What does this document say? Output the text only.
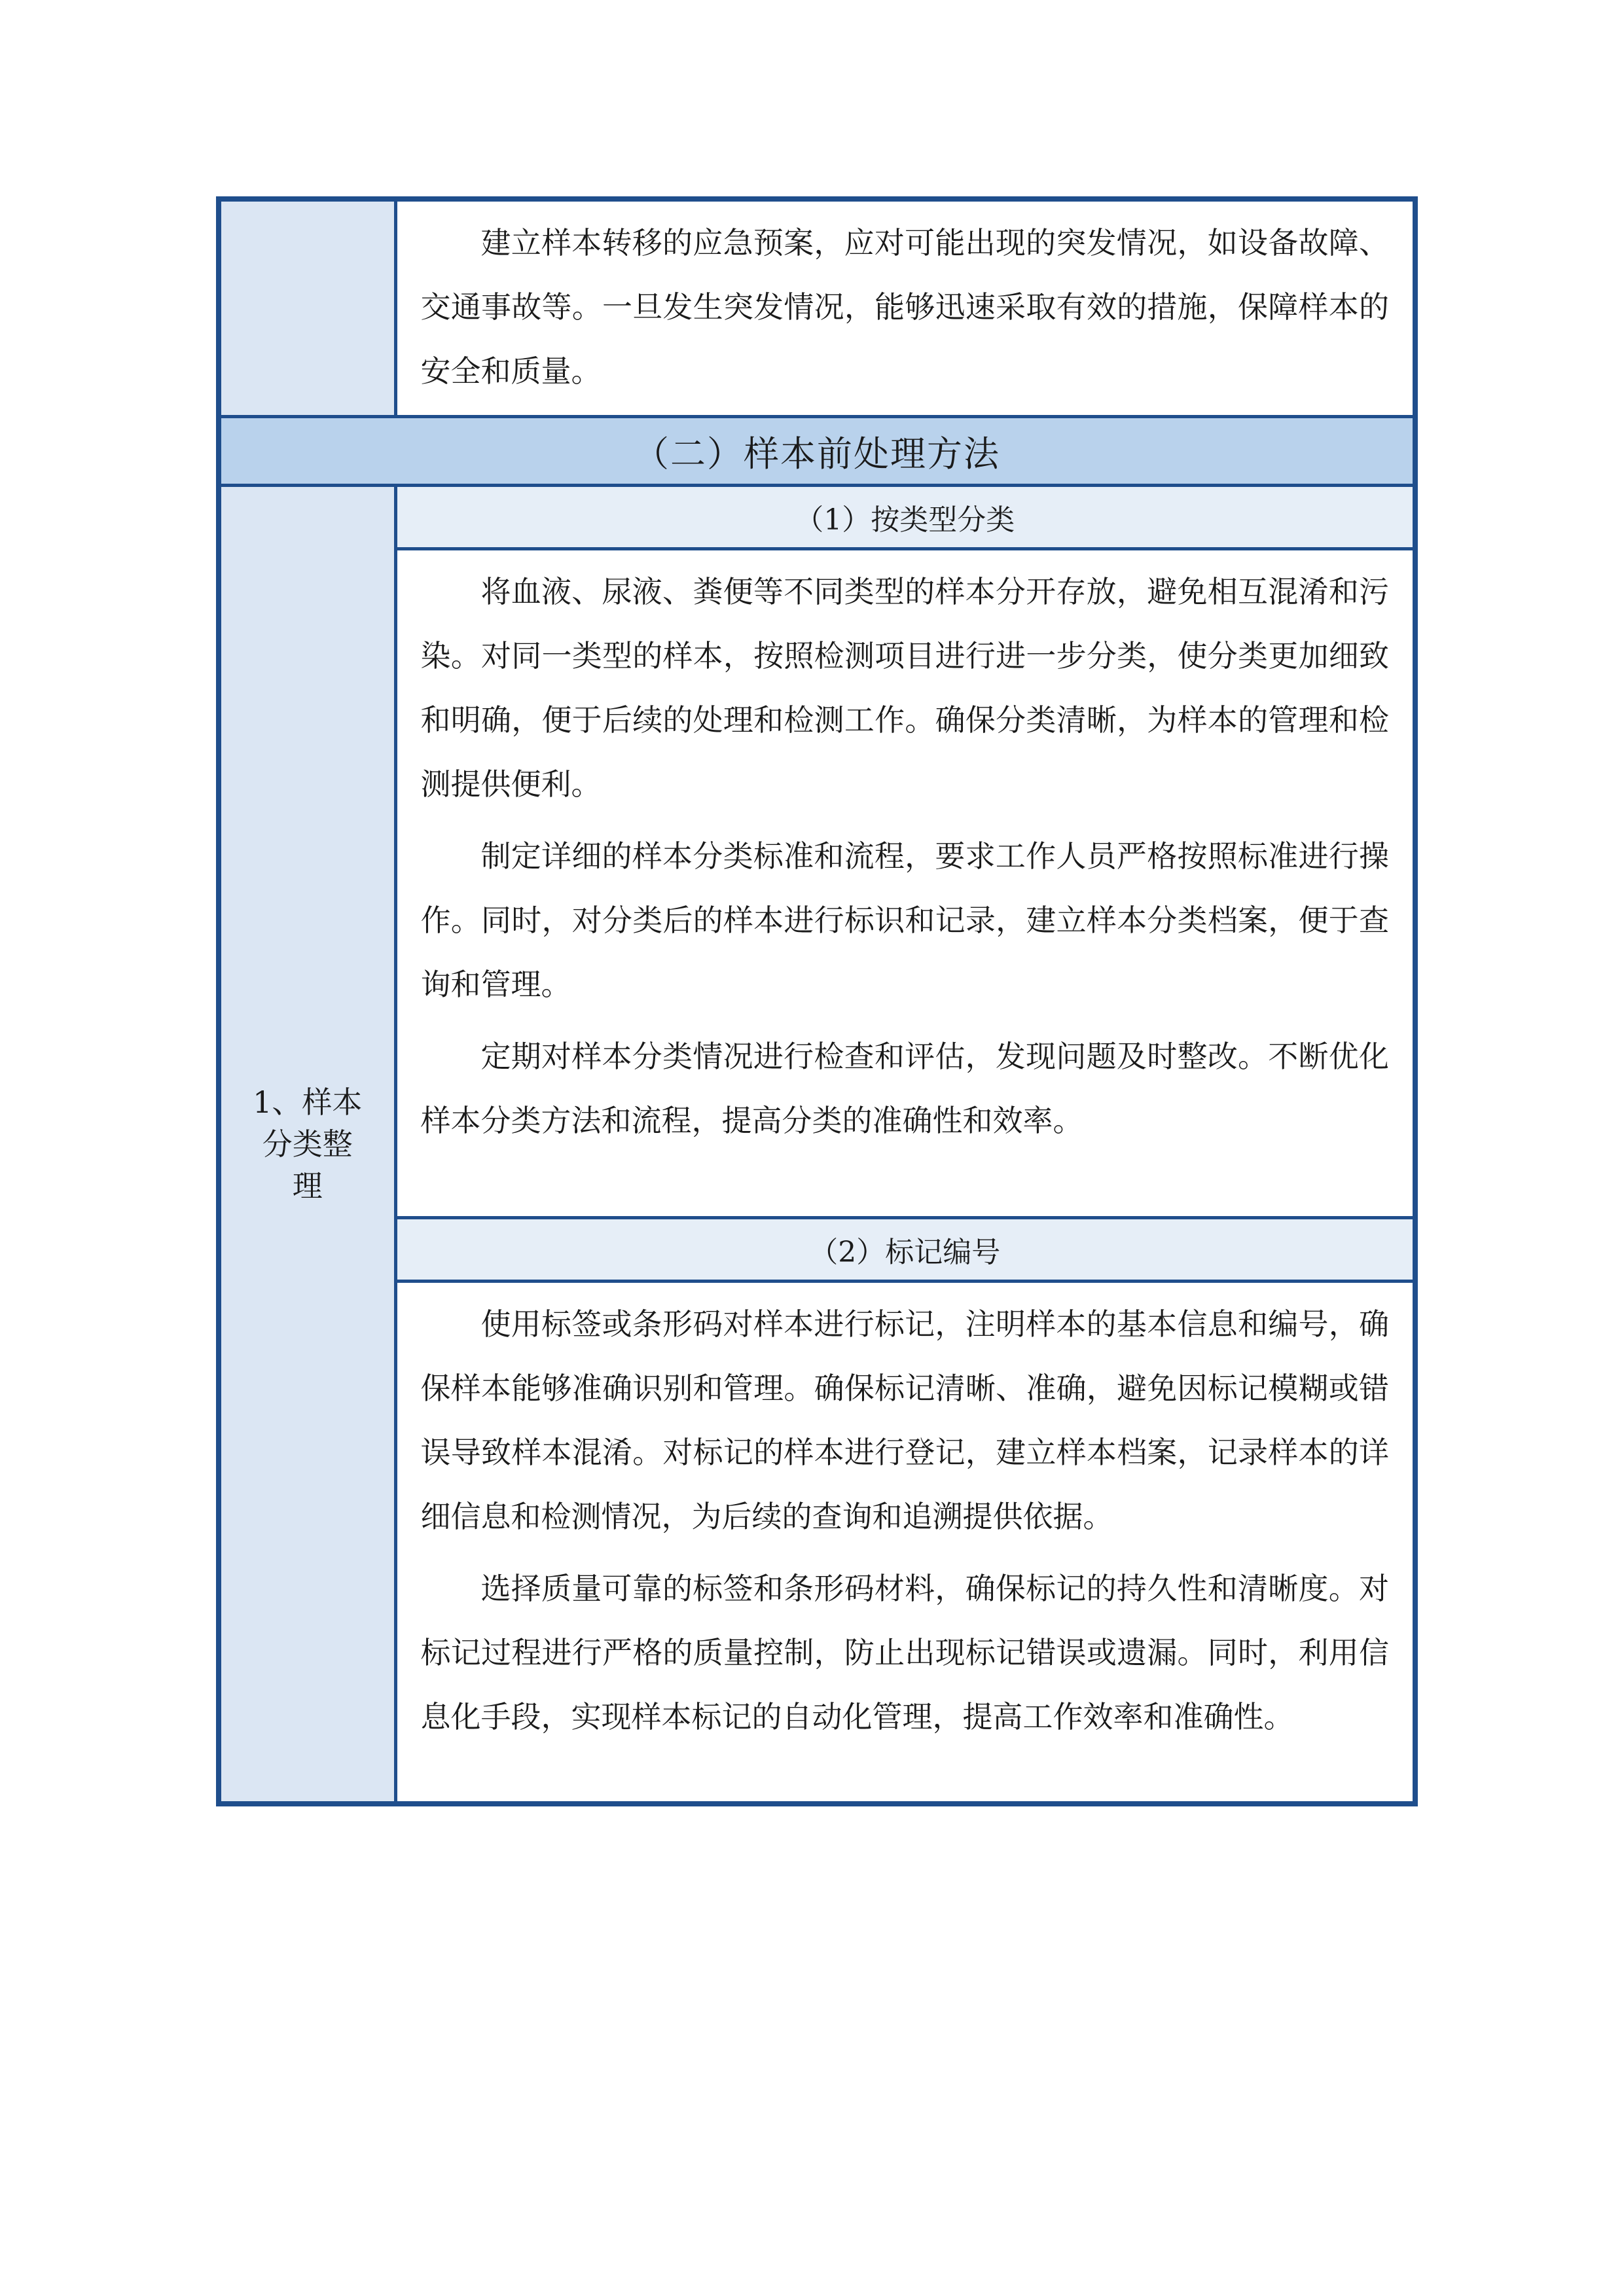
	建立样本转移的应急预案，应对可能出现的突发情况，如设备故障、交通事故等。一旦发生突发情况，能够迅速采取有效的措施，保障样本的安全和质量。

（二）样本前处理方法	

1、样本
分类整
理	（1）按类型分类

	将血液、尿液、粪便等不同类型的样本分开存放，避免相互混淆和污染。对同一类型的样本，按照检测项目进行进一步分类，使分类更加细致和明确，便于后续的处理和检测工作。确保分类清晰，为样本的管理和检测提供便利。

制定详细的样本分类标准和流程，要求工作人员严格按照标准进行操作。同时，对分类后的样本进行标识和记录，建立样本分类档案，便于查询和管理。

定期对样本分类情况进行检查和评估，发现问题及时整改。不断优化样本分类方法和流程，提高分类的准确性和效率。

	（2）标记编号

	使用标签或条形码对样本进行标记，注明样本的基本信息和编号，确保样本能够准确识别和管理。确保标记清晰、准确，避免因标记模糊或错误导致样本混淆。对标记的样本进行登记，建立样本档案，记录样本的详细信息和检测情况，为后续的查询和追溯提供依据。

选择质量可靠的标签和条形码材料，确保标记的持久性和清晰度。对标记过程进行严格的质量控制，防止出现标记错误或遗漏。同时，利用信息化手段，实现样本标记的自动化管理，提高工作效率和准确性。
